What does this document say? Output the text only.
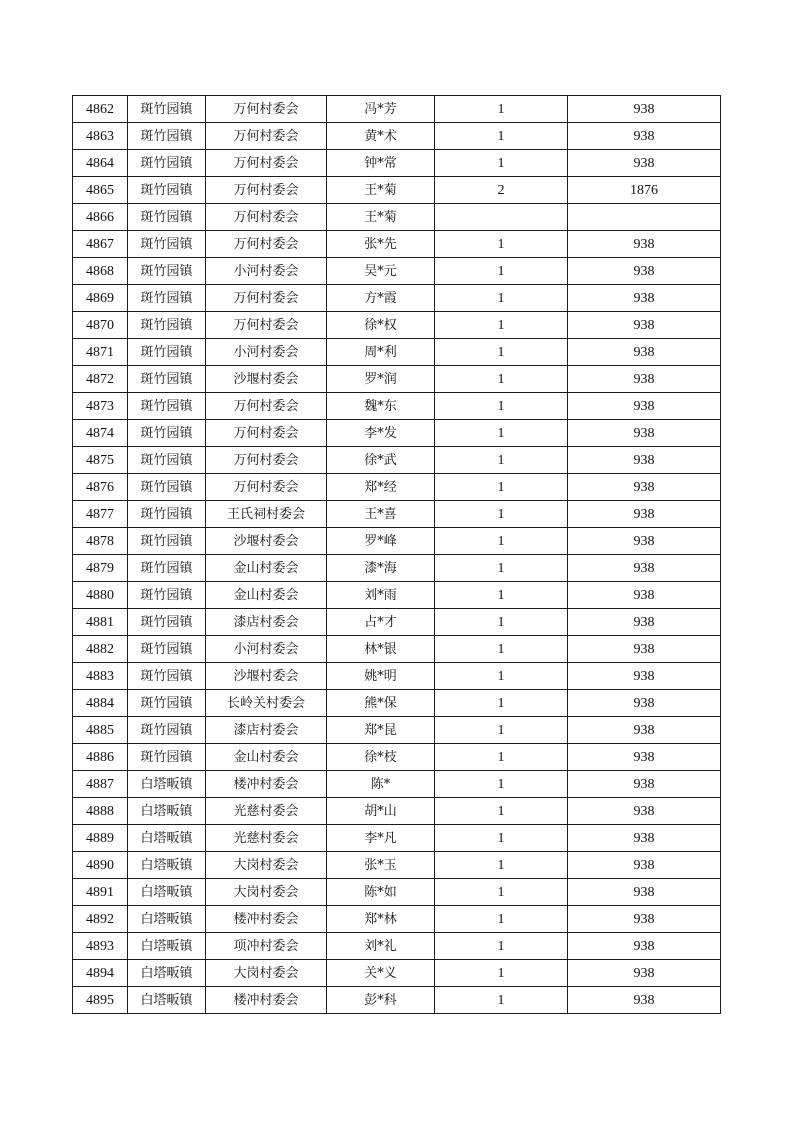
4862	斑竹园镇	万何村委会	冯*芳	1	938
4863	斑竹园镇	万何村委会	黄*术	1	938
4864	斑竹园镇	万何村委会	钟*常	1	938
4865	斑竹园镇	万何村委会	王*菊	2	1876
4866	斑竹园镇	万何村委会	王*菊		
4867	斑竹园镇	万何村委会	张*先	1	938
4868	斑竹园镇	小河村委会	吴*元	1	938
4869	斑竹园镇	万何村委会	方*霞	1	938
4870	斑竹园镇	万何村委会	徐*权	1	938
4871	斑竹园镇	小河村委会	周*利	1	938
4872	斑竹园镇	沙堰村委会	罗*润	1	938
4873	斑竹园镇	万何村委会	魏*东	1	938
4874	斑竹园镇	万何村委会	李*发	1	938
4875	斑竹园镇	万何村委会	徐*武	1	938
4876	斑竹园镇	万何村委会	郑*经	1	938
4877	斑竹园镇	王氏祠村委会	王*喜	1	938
4878	斑竹园镇	沙堰村委会	罗*峰	1	938
4879	斑竹园镇	金山村委会	漆*海	1	938
4880	斑竹园镇	金山村委会	刘*雨	1	938
4881	斑竹园镇	漆店村委会	占*才	1	938
4882	斑竹园镇	小河村委会	林*银	1	938
4883	斑竹园镇	沙堰村委会	姚*明	1	938
4884	斑竹园镇	长岭关村委会	熊*保	1	938
4885	斑竹园镇	漆店村委会	郑*昆	1	938
4886	斑竹园镇	金山村委会	徐*枝	1	938
4887	白塔畈镇	楼冲村委会	陈*	1	938
4888	白塔畈镇	光慈村委会	胡*山	1	938
4889	白塔畈镇	光慈村委会	李*凡	1	938
4890	白塔畈镇	大岗村委会	张*玉	1	938
4891	白塔畈镇	大岗村委会	陈*如	1	938
4892	白塔畈镇	楼冲村委会	郑*林	1	938
4893	白塔畈镇	项冲村委会	刘*礼	1	938
4894	白塔畈镇	大岗村委会	关*义	1	938
4895	白塔畈镇	楼冲村委会	彭*科	1	938
